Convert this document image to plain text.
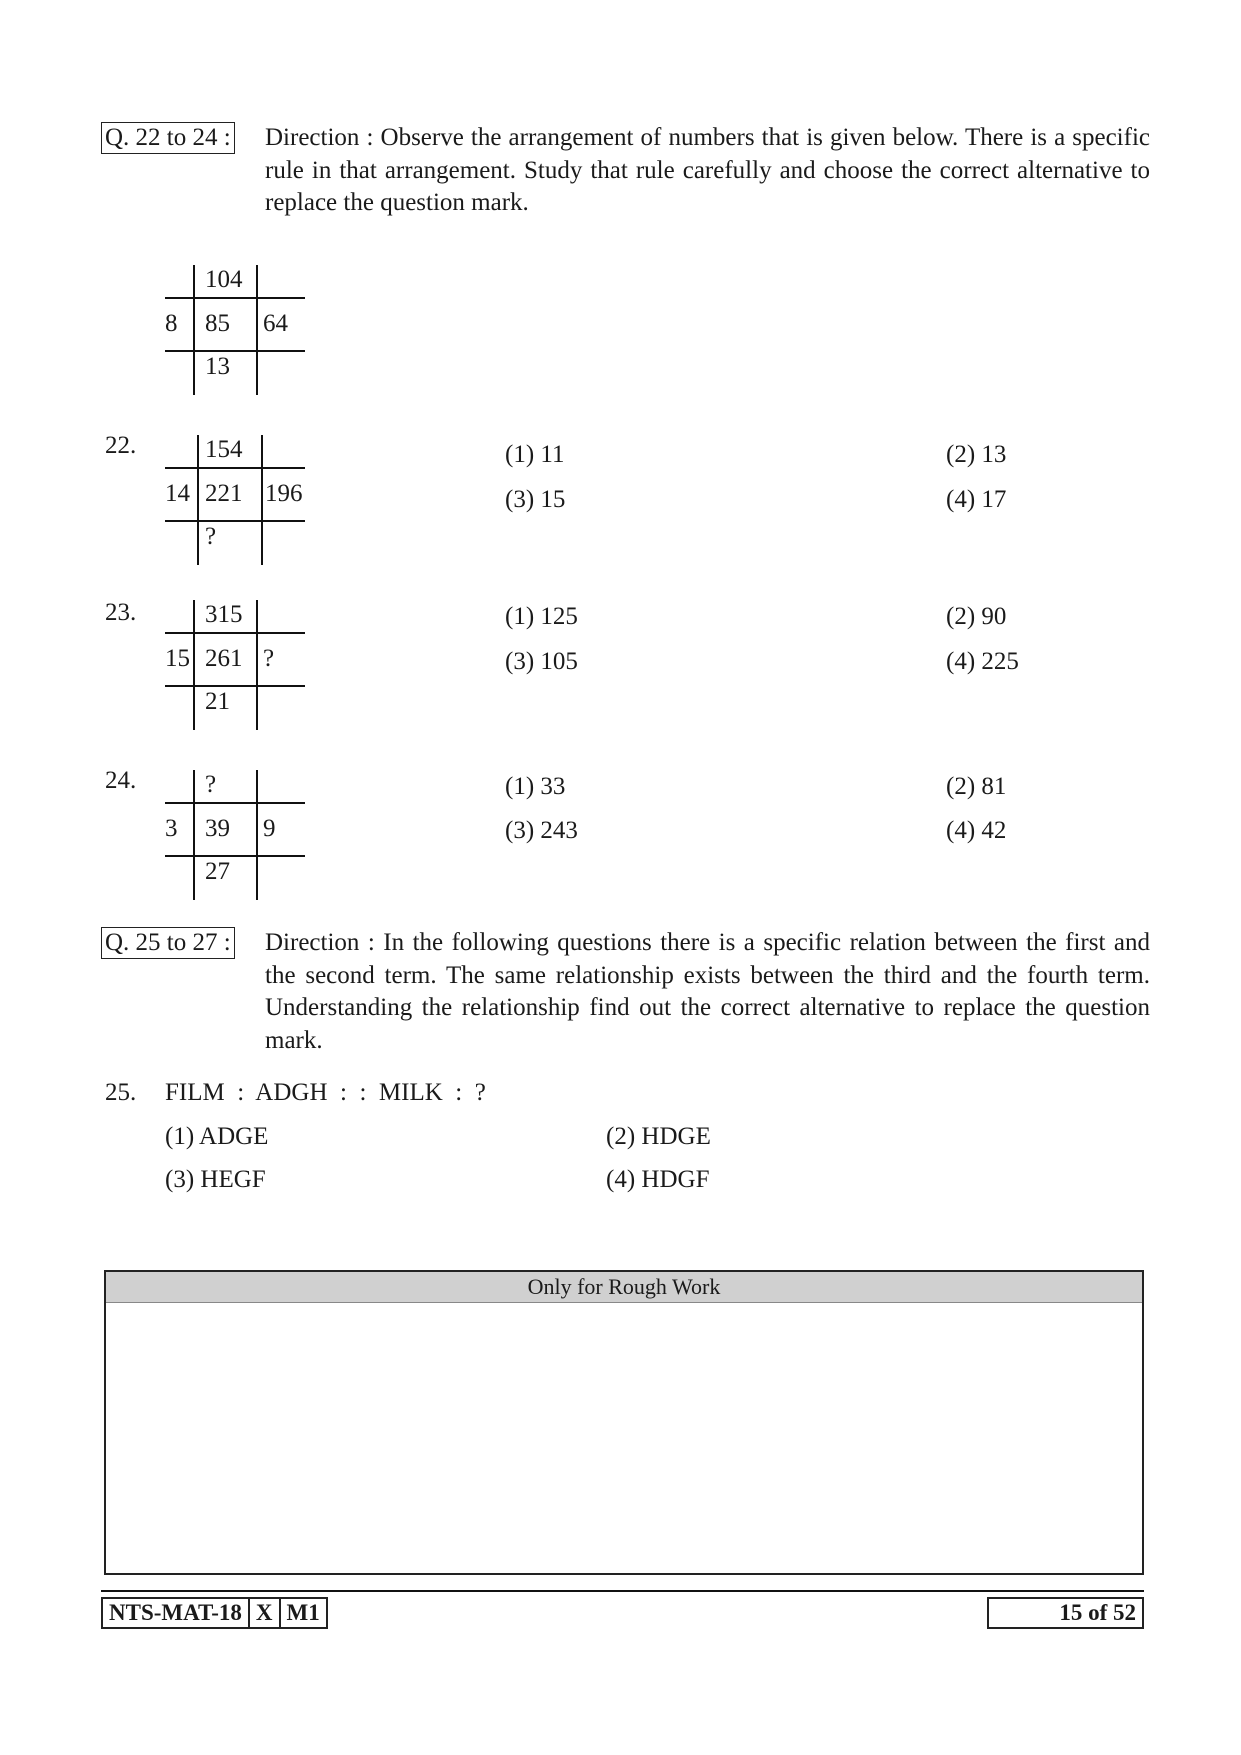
Q. 22 to 24 : Direction : Observe the arrangement of numbers that is given below. There is a specific rule in that arrangement. Study that rule carefully and choose the correct alternative to replace the question mark.
104
8 85 64
13
22.	154
14 221 196
?
(1) 11	(2) 13
(3) 15	(4) 17
23.	315
15 261 ?
21
(1) 125	(2) 90
(3) 105	(4) 225
24.	?
3 39 9
27
(1) 33	(2) 81
(3) 243	(4) 42
Q. 25 to 27 : Direction : In the following questions there is a specific relation between the first and the second term. The same relationship exists between the third and the fourth term. Understanding the relationship find out the correct alternative to replace the question mark.
25. FILM  :  ADGH  :  :  MILK  :  ?
(1) ADGE	(2) HDGE
(3) HEGF	(4) HDGF
Only for Rough Work
NTS-MAT-18 X M1	15 of 52
